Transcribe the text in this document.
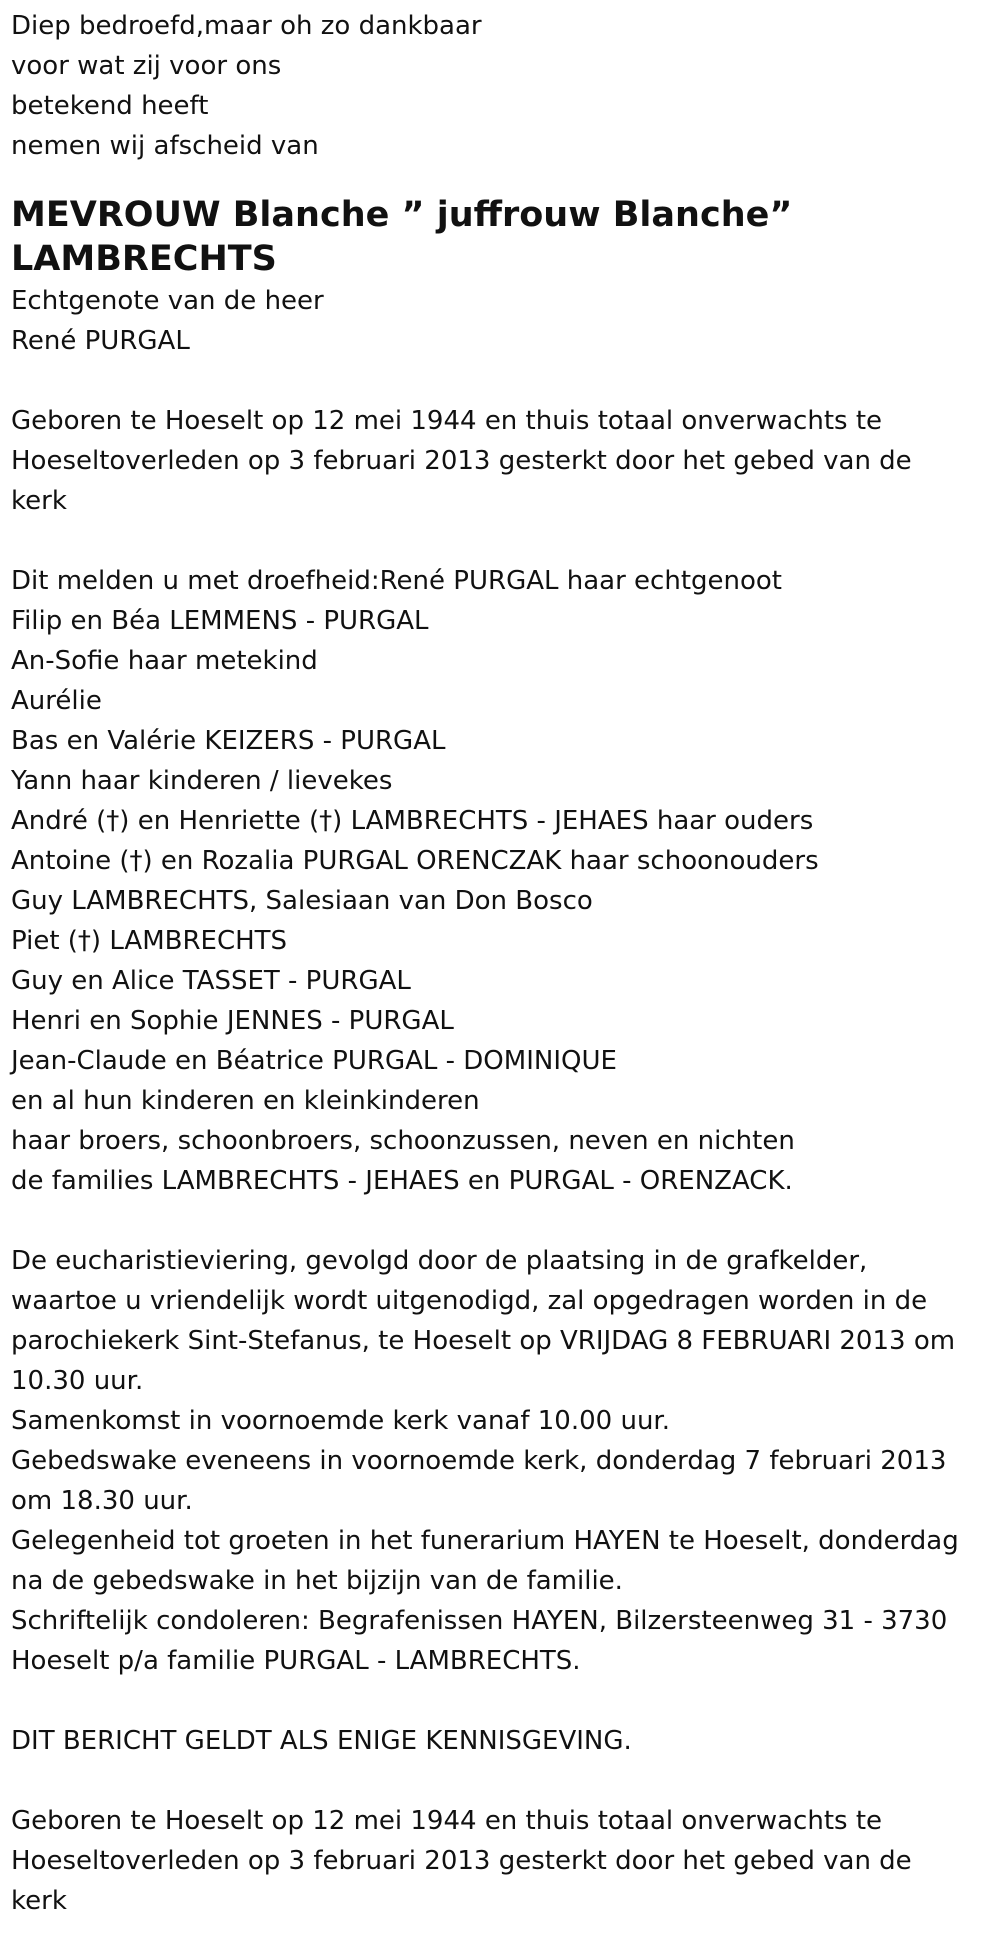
Diep bedroefd,maar oh zo dankbaar

voor wat zij voor ons

betekend heeft

nemen wij afscheid van

MEVROUW Blanche ” juffrouw Blanche”

LAMBRECHTS

Echtgenote van de heer

René PURGAL

Geboren te Hoeselt op 12 mei 1944 en thuis totaal onverwachts te

Hoeseltoverleden op 3 februari 2013 gesterkt door het gebed van de

kerk

Dit melden u met droefheid:René PURGAL haar echtgenoot

Filip en Béa LEMMENS - PURGAL

An-Sofie haar metekind

Aurélie

Bas en Valérie KEIZERS - PURGAL

Yann haar kinderen / lievekes

André (†) en Henriette (†) LAMBRECHTS - JEHAES haar ouders

Antoine (†) en Rozalia PURGAL ORENCZAK haar schoonouders

Guy LAMBRECHTS, Salesiaan van Don Bosco

Piet (†) LAMBRECHTS

Guy en Alice TASSET - PURGAL

Henri en Sophie JENNES - PURGAL

Jean-Claude en Béatrice PURGAL - DOMINIQUE

en al hun kinderen en kleinkinderen

haar broers, schoonbroers, schoonzussen, neven en nichten

de families LAMBRECHTS - JEHAES en PURGAL - ORENZACK.

De eucharistieviering, gevolgd door de plaatsing in de grafkelder,

waartoe u vriendelijk wordt uitgenodigd, zal opgedragen worden in de

parochiekerk Sint-Stefanus, te Hoeselt op VRIJDAG 8 FEBRUARI 2013 om

10.30 uur.

Samenkomst in voornoemde kerk vanaf 10.00 uur.

Gebedswake eveneens in voornoemde kerk, donderdag 7 februari 2013

om 18.30 uur.

Gelegenheid tot groeten in het funerarium HAYEN te Hoeselt, donderdag

na de gebedswake in het bijzijn van de familie.

Schriftelijk condoleren: Begrafenissen HAYEN, Bilzersteenweg 31 - 3730

Hoeselt p/a familie PURGAL - LAMBRECHTS.

DIT BERICHT GELDT ALS ENIGE KENNISGEVING.

Geboren te Hoeselt op 12 mei 1944 en thuis totaal onverwachts te

Hoeseltoverleden op 3 februari 2013 gesterkt door het gebed van de

kerk
